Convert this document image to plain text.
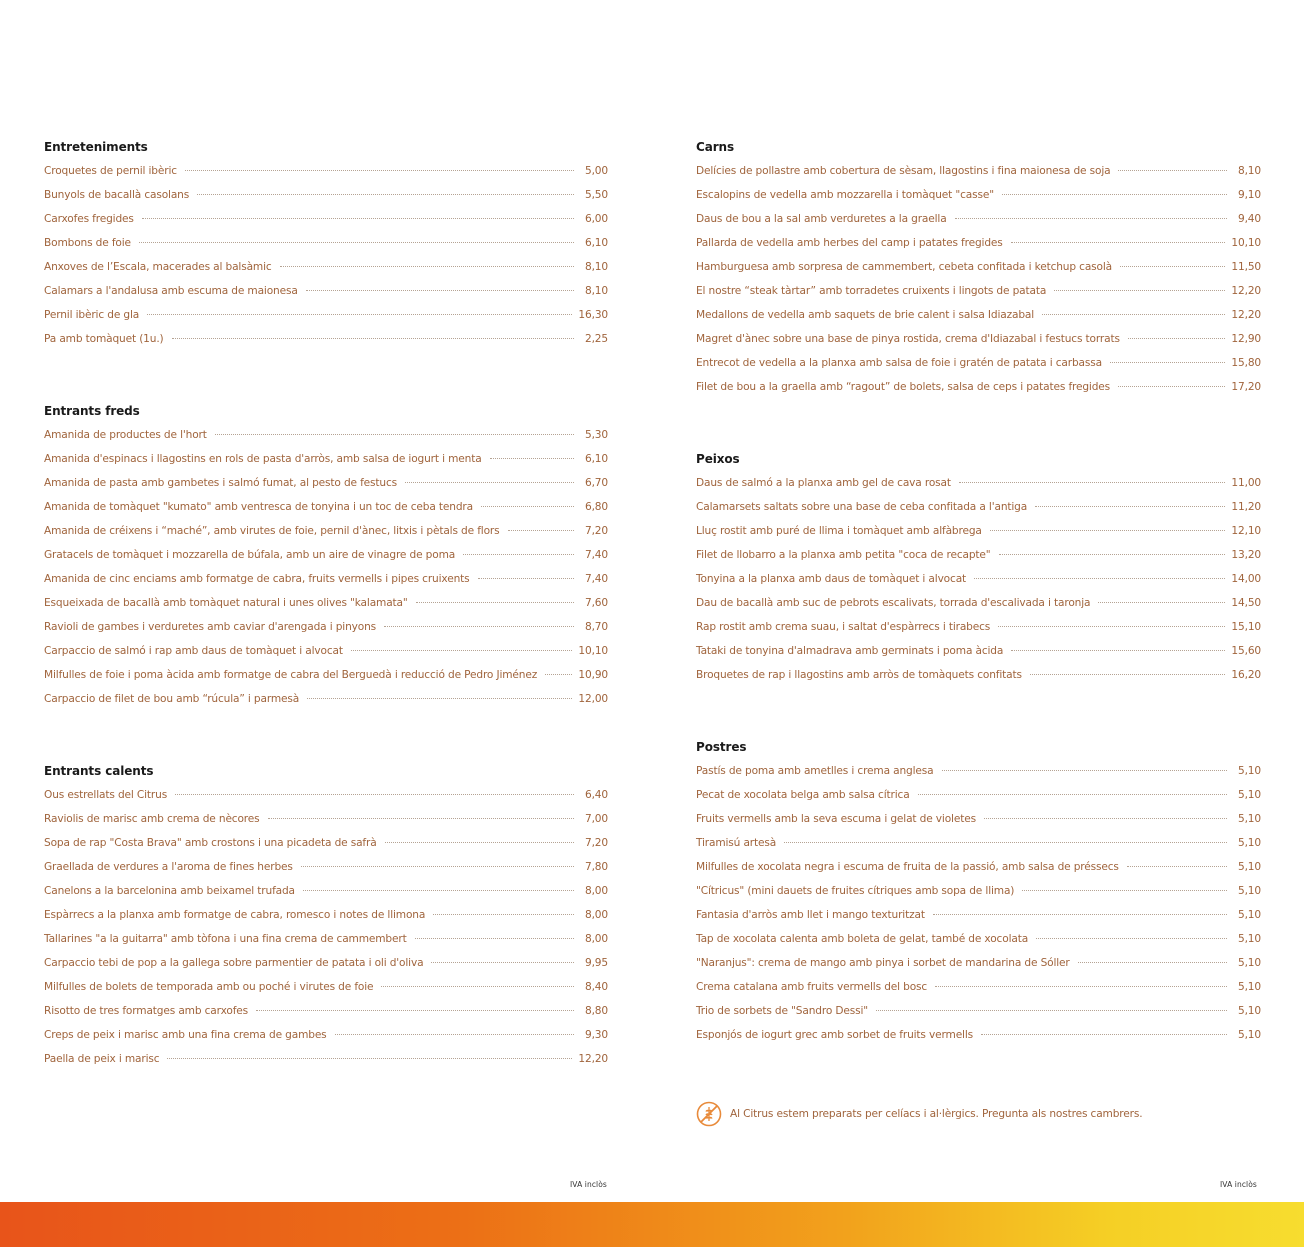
Entreteniments
Croquetes de pernil ibèric	5,00
Bunyols de bacallà casolans	5,50
Carxofes fregides	6,00
Bombons de foie	6,10
Anxoves de l’Escala, macerades al balsàmic	8,10
Calamars a l'andalusa amb escuma de maionesa	8,10
Pernil ibèric de gla	16,30
Pa amb tomàquet (1u.)	2,25
Entrants freds
Amanida de productes de l'hort	5,30
Amanida d'espinacs i llagostins en rols de pasta d'arròs, amb salsa de iogurt i menta	6,10
Amanida de pasta amb gambetes i salmó fumat, al pesto de festucs	6,70
Amanida de tomàquet "kumato" amb ventresca de tonyina i un toc de ceba tendra	6,80
Amanida de créixens i “maché”, amb virutes de foie, pernil d'ànec, litxis i pètals de flors	7,20
Gratacels de tomàquet i mozzarella de búfala, amb un aire de vinagre de poma	7,40
Amanida de cinc enciams amb formatge de cabra, fruits vermells i pipes cruixents	7,40
Esqueixada de bacallà amb tomàquet natural i unes olives "kalamata"	7,60
Ravioli de gambes i verduretes amb caviar d'arengada i pinyons	8,70
Carpaccio de salmó i rap amb daus de tomàquet i alvocat	10,10
Milfulles de foie i poma àcida amb formatge de cabra del Berguedà i reducció de Pedro Jiménez	10,90
Carpaccio de filet de bou amb “rúcula” i parmesà	12,00
Entrants calents
Ous estrellats del Citrus	6,40
Raviolis de marisc amb crema de nècores	7,00
Sopa de rap "Costa Brava" amb crostons i una picadeta de safrà	7,20
Graellada de verdures a l'aroma de fines herbes	7,80
Canelons a la barcelonina amb beixamel trufada	8,00
Espàrrecs a la planxa amb formatge de cabra, romesco i notes de llimona	8,00
Tallarines "a la guitarra" amb tòfona i una fina crema de cammembert	8,00
Carpaccio tebi de pop a la gallega sobre parmentier de patata i oli d'oliva	9,95
Milfulles de bolets de temporada amb ou poché i virutes de foie	8,40
Risotto de tres formatges amb carxofes	8,80
Creps de peix i marisc amb una fina crema de gambes	9,30
Paella de peix i marisc	12,20
Carns
Delícies de pollastre amb cobertura de sèsam, llagostins i fina maionesa de soja	8,10
Escalopins de vedella amb mozzarella i tomàquet "casse"	9,10
Daus de bou a la sal amb verduretes a la graella	9,40
Pallarda de vedella amb herbes del camp i patates fregides	10,10
Hamburguesa amb sorpresa de cammembert, cebeta confitada i ketchup casolà	11,50
El nostre “steak tàrtar” amb torradetes cruixents i lingots de patata	12,20
Medallons de vedella amb saquets de brie calent i salsa Idiazabal	12,20
Magret d'ànec sobre una base de pinya rostida, crema d'Idiazabal i festucs torrats	12,90
Entrecot de vedella a la planxa amb salsa de foie i gratén de patata i carbassa	15,80
Filet de bou a la graella amb “ragout” de bolets, salsa de ceps i patates fregides	17,20
Peixos
Daus de salmó a la planxa amb gel de cava rosat	11,00
Calamarsets saltats sobre una base de ceba confitada a l'antiga	11,20
Lluç rostit amb puré de llima i tomàquet amb alfàbrega	12,10
Filet de llobarro a la planxa amb petita "coca de recapte"	13,20
Tonyina a la planxa amb daus de tomàquet i alvocat	14,00
Dau de bacallà amb suc de pebrots escalivats, torrada d'escalivada i taronja	14,50
Rap rostit amb crema suau, i saltat d'espàrrecs i tirabecs	15,10
Tataki de tonyina d'almadrava amb germinats i poma àcida	15,60
Broquetes de rap i llagostins amb arròs de tomàquets confitats	16,20
Postres
Pastís de poma amb ametlles i crema anglesa	5,10
Pecat de xocolata belga amb salsa cítrica	5,10
Fruits vermells amb la seva escuma i gelat de violetes	5,10
Tiramisú artesà	5,10
Milfulles de xocolata negra i escuma de fruita de la passió, amb salsa de préssecs	5,10
"Cítricus" (mini dauets de fruites cítriques amb sopa de llima)	5,10
Fantasia d'arròs amb llet i mango texturitzat	5,10
Tap de xocolata calenta amb boleta de gelat, també de xocolata	5,10
"Naranjus": crema de mango amb pinya i sorbet de mandarina de Sóller	5,10
Crema catalana amb fruits vermells del bosc	5,10
Trio de sorbets de "Sandro Dessi"	5,10
Esponjós de iogurt grec amb sorbet de fruits vermells	5,10
Al Citrus estem preparats per celíacs i al·lèrgics. Pregunta als nostres cambrers.
IVA inclòs	IVA inclòs
